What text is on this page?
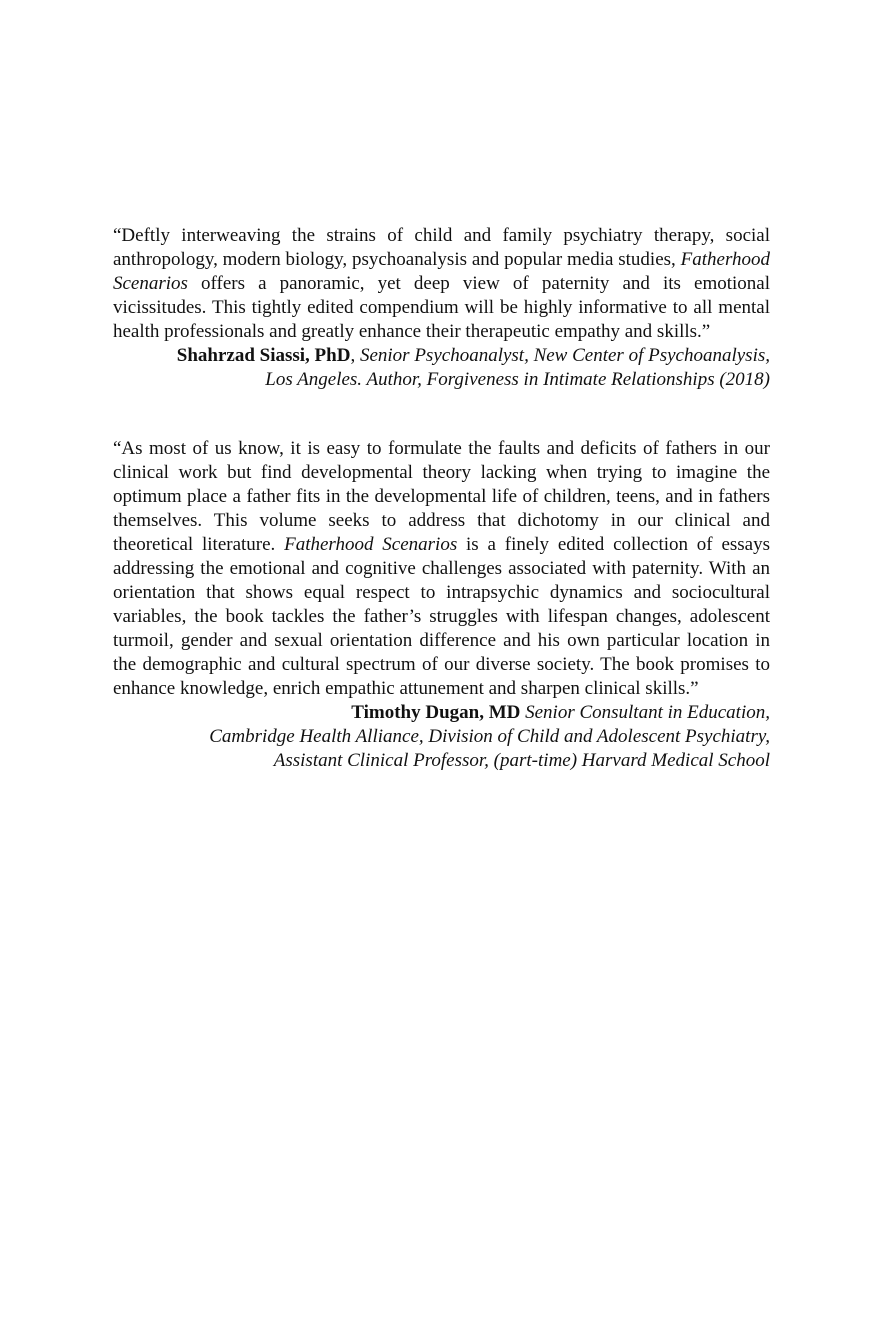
“Deftly interweaving the strains of child and family psychiatry therapy, social anthropology, modern biology, psychoanalysis and popular media studies, Fatherhood Scenarios offers a panoramic, yet deep view of paternity and its emotional vicissitudes. This tightly edited compendium will be highly informative to all mental health professionals and greatly enhance their therapeutic empathy and skills.”

Shahrzad Siassi, PhD, Senior Psychoanalyst, New Center of Psychoanalysis,
Los Angeles. Author, Forgiveness in Intimate Relationships (2018)

“As most of us know, it is easy to formulate the faults and deficits of fathers in our clinical work but find developmental theory lacking when trying to imagine the optimum place a father fits in the developmental life of children, teens, and in fathers themselves. This volume seeks to address that dichotomy in our clinical and theoretical literature. Fatherhood Scenarios is a finely edited collection of essays addressing the emotional and cognitive challenges associated with paternity. With an orientation that shows equal respect to intrapsychic dynamics and sociocultural variables, the book tackles the father’s struggles with lifespan changes, adolescent turmoil, gender and sexual orientation difference and his own particular location in the demographic and cultural spectrum of our diverse society. The book promises to enhance knowledge, enrich empathic attunement and sharpen clinical skills.”

Timothy Dugan, MD Senior Consultant in Education,
Cambridge Health Alliance, Division of Child and Adolescent Psychiatry,
Assistant Clinical Professor, (part-time) Harvard Medical School
